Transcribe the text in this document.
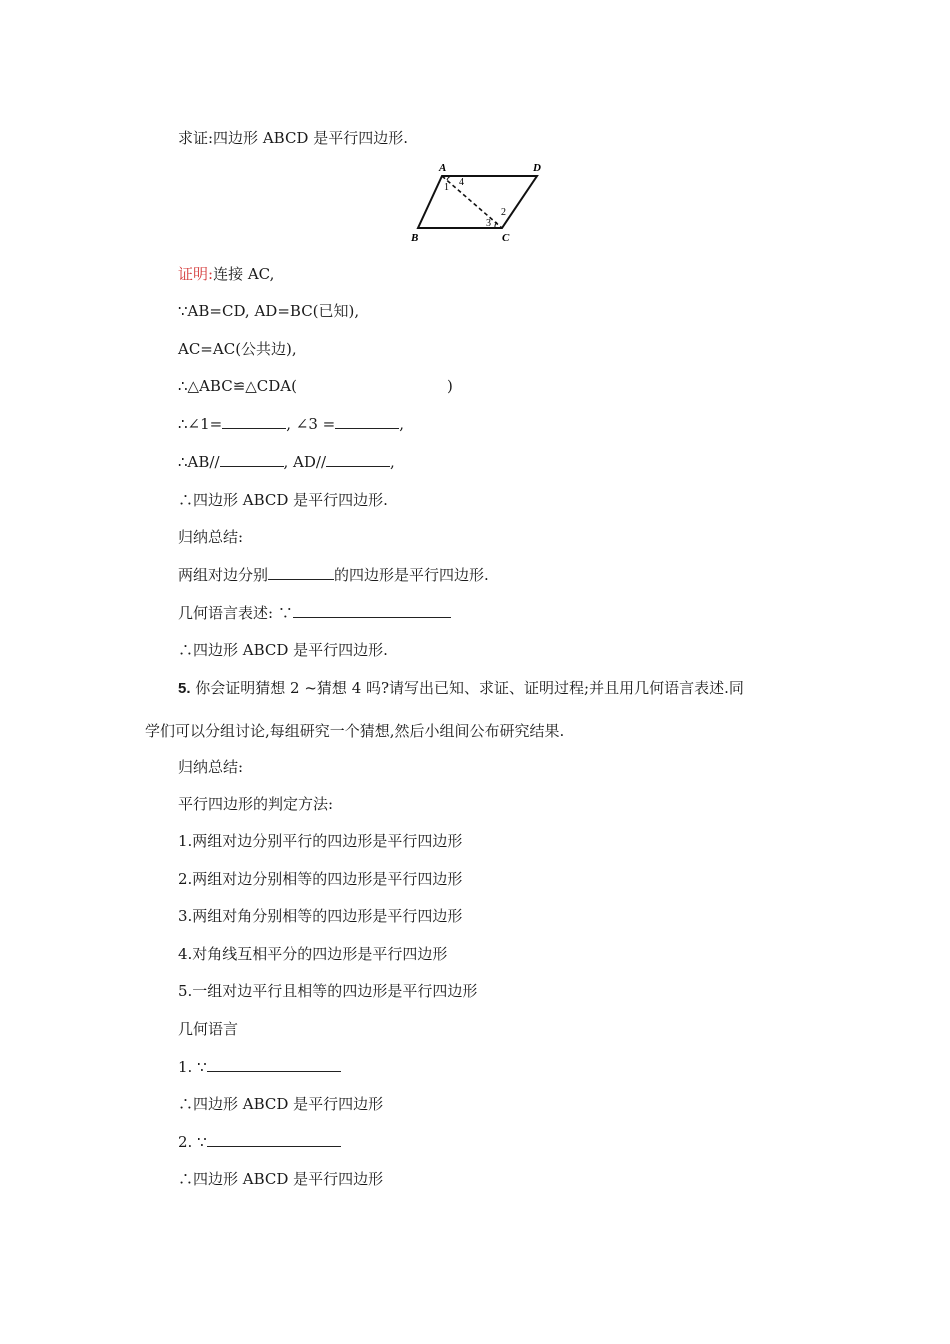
求证:四边形 ABCD 是平行四边形.
A	D
B	C
1 4
2
3
证明:连接 AC,
∵AB=CD, AD=BC(已知),
AC=AC(公共边),
∴△ABC≌△CDA(	)
∴∠1=	, ∠3 =	,
∴AB//	, AD//	,
∴四边形 ABCD 是平行四边形.
归纳总结:
两组对边分别	的四边形是平行四边形.
几何语言表述: ∵
∴四边形 ABCD 是平行四边形.
5. 你会证明猜想 2 ~猜想 4 吗?请写出已知、求证、证明过程;并且用几何语言表述.同
学们可以分组讨论,每组研究一个猜想,然后小组间公布研究结果.
归纳总结:
平行四边形的判定方法:
1.两组对边分别平行的四边形是平行四边形
2.两组对边分别相等的四边形是平行四边形
3.两组对角分别相等的四边形是平行四边形
4.对角线互相平分的四边形是平行四边形
5.一组对边平行且相等的四边形是平行四边形
几何语言
1. ∵
∴四边形 ABCD 是平行四边形
2. ∵
∴四边形 ABCD 是平行四边形
